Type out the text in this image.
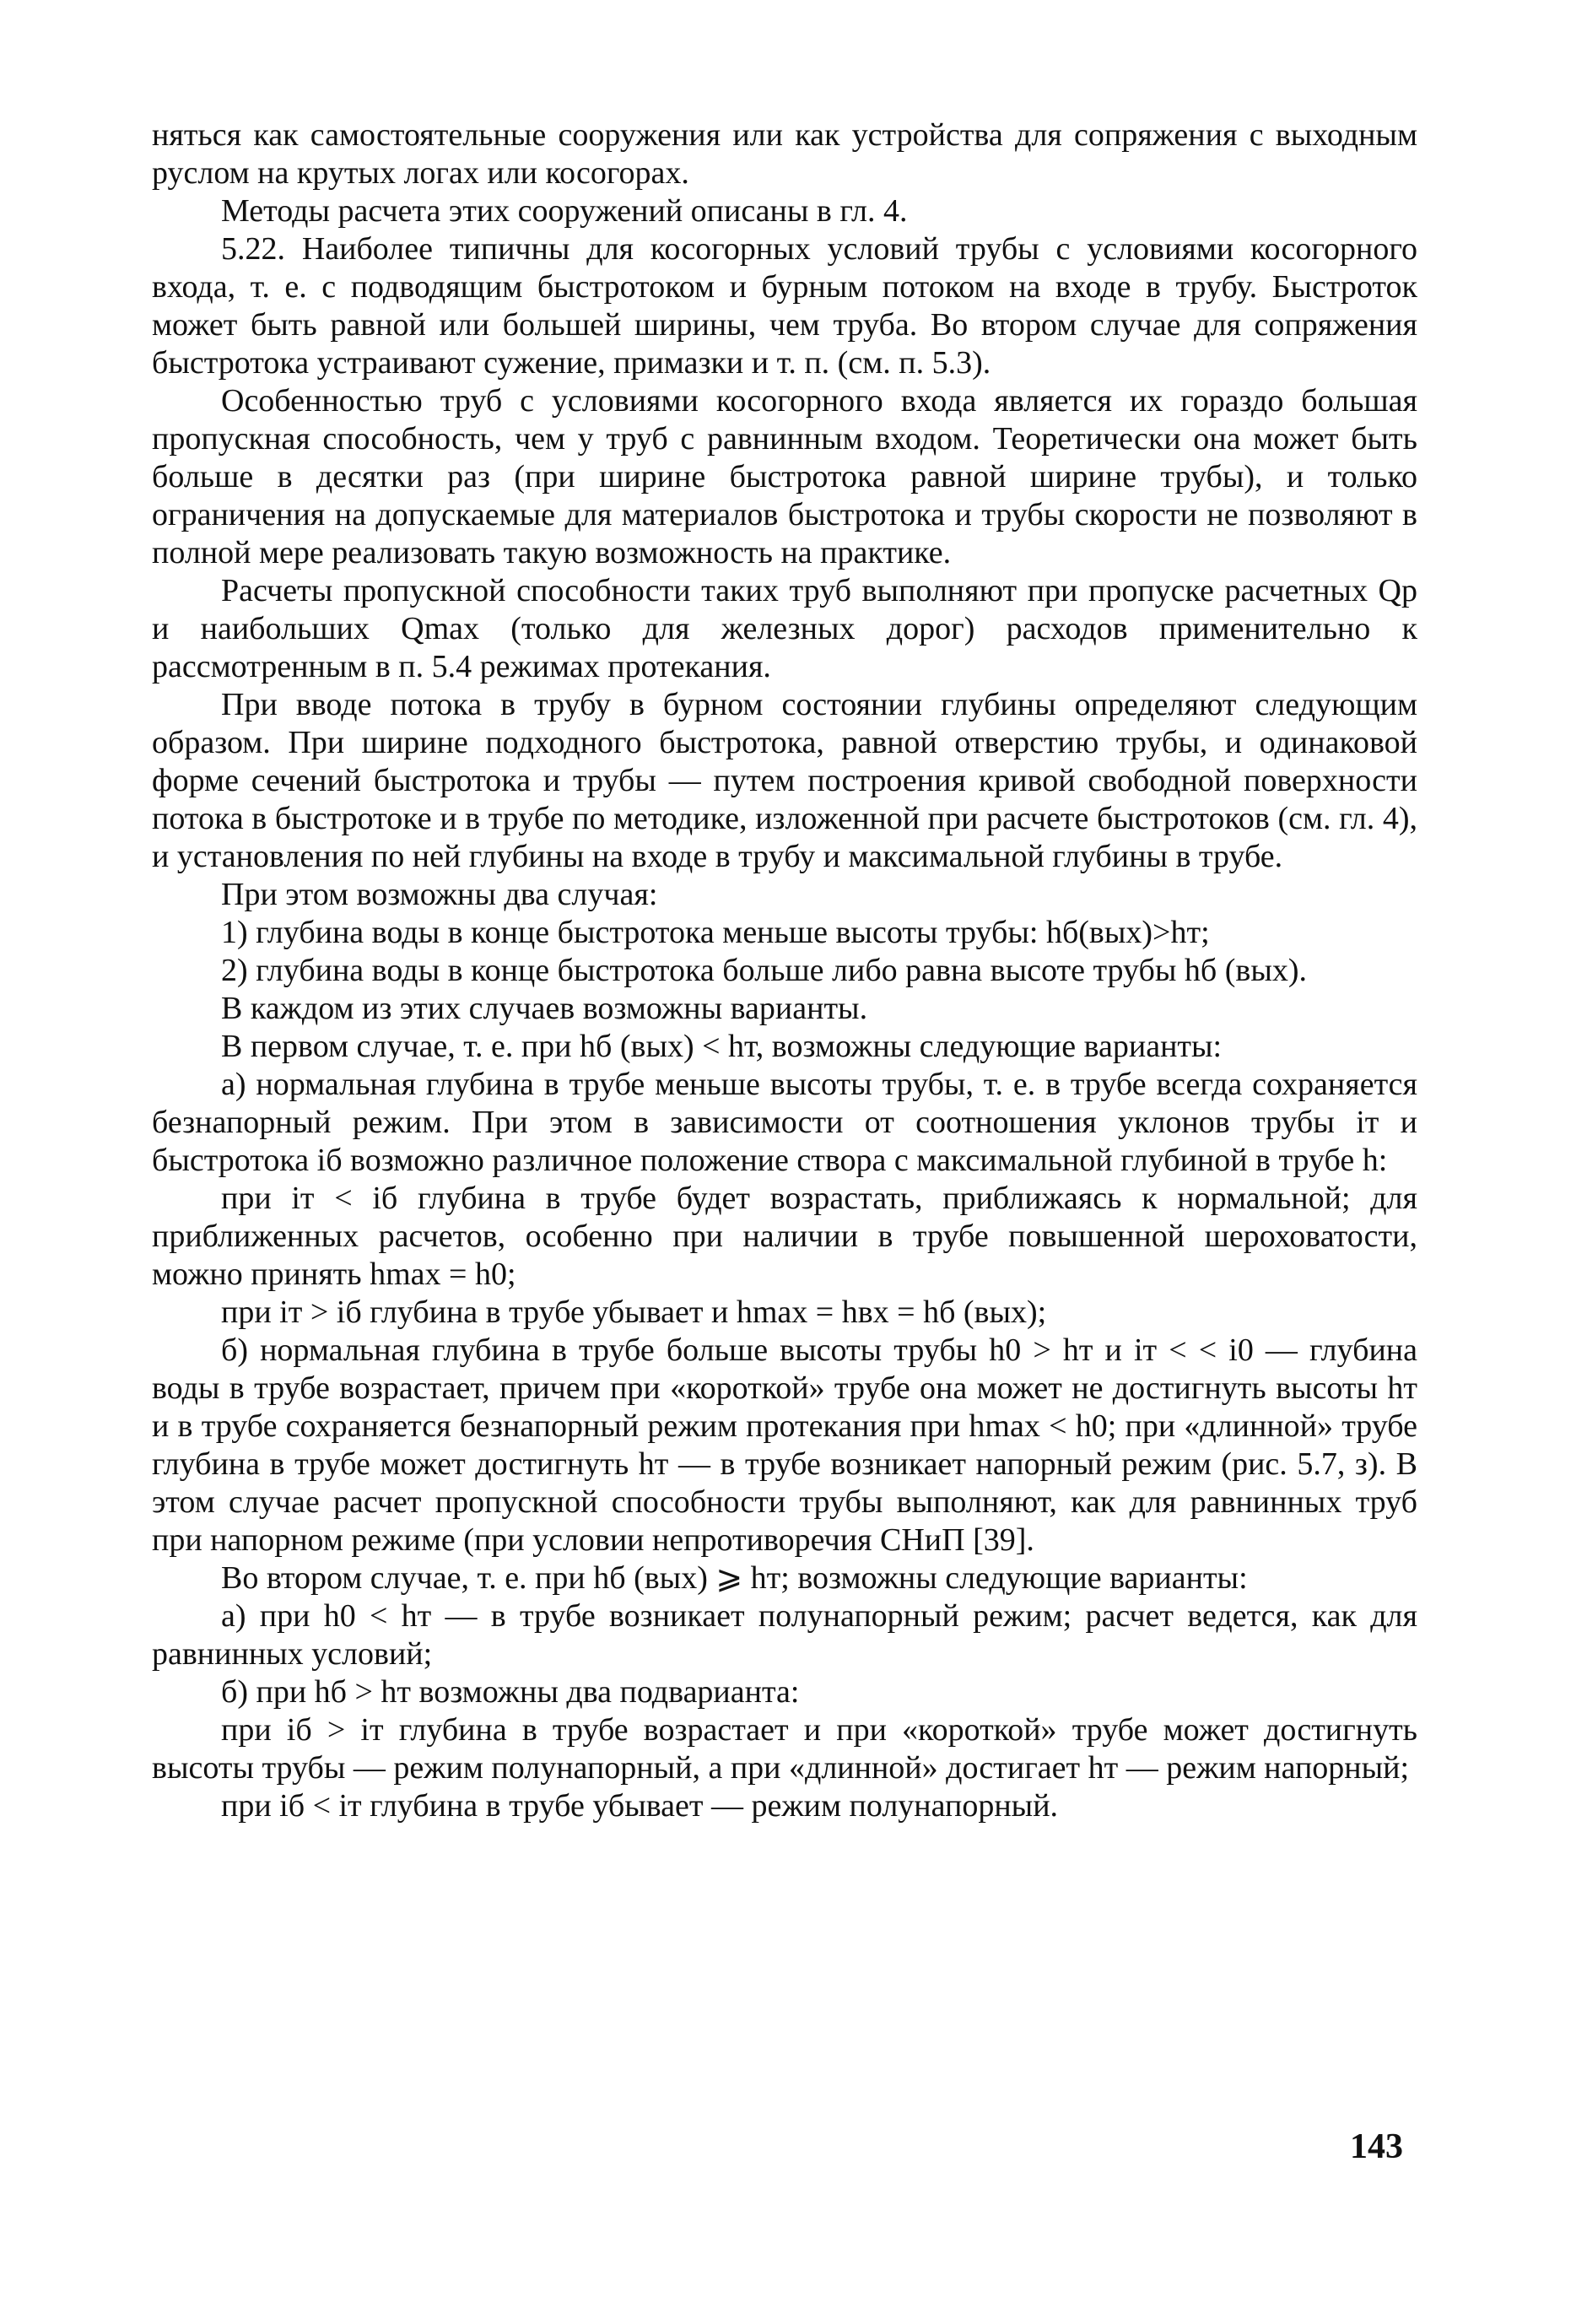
няться как самостоятельные сооружения или как устройства для сопряжения с выходным руслом на крутых логах или косогорах.

Методы расчета этих сооружений описаны в гл. 4.

5.22. Наиболее типичны для косогорных условий трубы с условиями косогорного входа, т. е. с подводящим быстротоком и бурным потоком на входе в трубу. Быстроток может быть равной или большей ширины, чем труба. Во втором случае для сопряжения быстротока устраивают сужение, примазки и т. п. (см. п. 5.3).

Особенностью труб с условиями косогорного входа является их гораздо большая пропускная способность, чем у труб с равнинным входом. Теоретически она может быть больше в десятки раз (при ширине быстротока равной ширине трубы), и только ограничения на допускаемые для материалов быстротока и трубы скорости не позволяют в полной мере реализовать такую возможность на практике.

Расчеты пропускной способности таких труб выполняют при пропуске расчетных Qр и наибольших Qmax (только для железных дорог) расходов применительно к рассмотренным в п. 5.4 режимах протекания.

При вводе потока в трубу в бурном состоянии глубины определяют следующим образом. При ширине подходного быстротока, равной отверстию трубы, и одинаковой форме сечений быстротока и трубы — путем построения кривой свободной поверхности потока в быстротоке и в трубе по методике, изложенной при расчете быстротоков (см. гл. 4), и установления по ней глубины на входе в трубу и максимальной глубины в трубе.

При этом возможны два случая:

1) глубина воды в конце быстротока меньше высоты трубы: hб(вых)>hт;

2) глубина воды в конце быстротока больше либо равна высоте трубы hб (вых).

В каждом из этих случаев возможны варианты.

В первом случае, т. е. при hб (вых) < hт, возможны следующие варианты:

а) нормальная глубина в трубе меньше высоты трубы, т. е. в трубе всегда сохраняется безнапорный режим. При этом в зависимости от соотношения уклонов трубы iт и быстротока iб возможно различное положение створа с максимальной глубиной в трубе h:

при iт < iб глубина в трубе будет возрастать, приближаясь к нормальной; для приближенных расчетов, особенно при наличии в трубе повышенной шероховатости, можно принять hmax = h0;

при iт > iб глубина в трубе убывает и hmax = hвх = hб (вых);

б) нормальная глубина в трубе больше высоты трубы h0 > hт и iт < < i0 — глубина воды в трубе возрастает, причем при «короткой» трубе она может не достигнуть высоты hт и в трубе сохраняется безнапорный режим протекания при hmax < h0; при «длинной» трубе глубина в трубе может достигнуть hт — в трубе возникает напорный режим (рис. 5.7, з). В этом случае расчет пропускной способности трубы выполняют, как для равнинных труб при напорном режиме (при условии непротиворечия СНиП [39].

Во втором случае, т. е. при hб (вых) ⩾ hт; возможны следующие варианты:

а) при h0 < hт — в трубе возникает полунапорный режим; расчет ведется, как для равнинных условий;

б) при hб > hт возможны два подварианта:

при iб > iт глубина в трубе возрастает и при «короткой» трубе может достигнуть высоты трубы — режим полунапорный, а при «длинной» достигает hт — режим напорный;

при iб < iт глубина в трубе убывает — режим полунапорный.

143
